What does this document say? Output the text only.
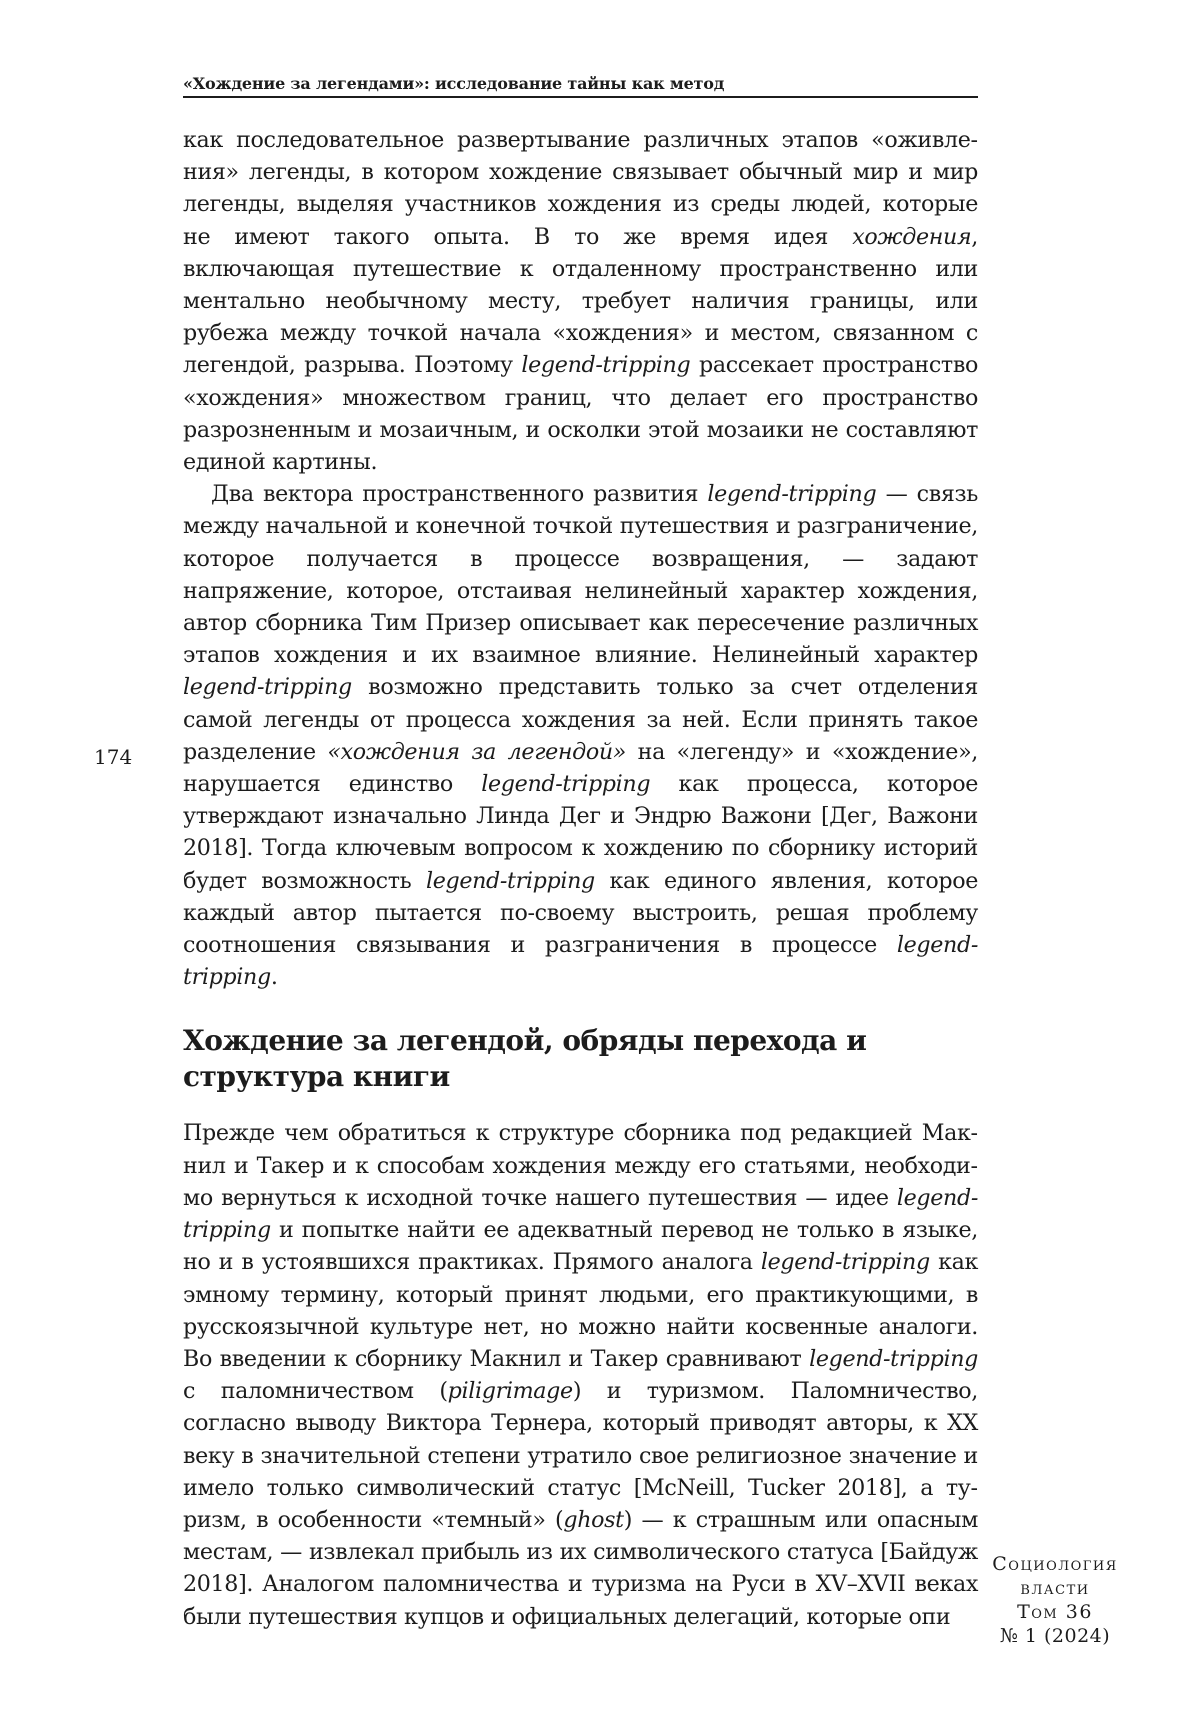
«Хождение за легендами»: исследование тайны как метод
174

как последовательное развертывание различных этапов «оживления» легенды, в котором хождение связывает обычный мир и мир легенды, выделяя участников хождения из среды людей, которые не имеют такого опыта. В то же время идея хождения, включающая путешествие к отдаленному пространственно или ментально необычному месту, требует наличия границы, или рубежа между точкой начала «хождения» и местом, связанном с легендой, разрыва. Поэтому legend-tripping рассекает пространство «хождения» множеством границ, что делает его пространство разрозненным и мозаичным, и осколки этой мозаики не составляют единой картины.

Два вектора пространственного развития legend-tripping — связь между начальной и конечной точкой путешествия и разграничение, которое получается в процессе возвращения, — задают напряжение, которое, отстаивая нелинейный характер хождения, автор сборника Тим Призер описывает как пересечение различных этапов хождения и их взаимное влияние. Нелинейный характер legend-tripping возможно представить только за счет отделения самой легенды от процесса хождения за ней. Если принять такое разделение «хождения за легендой» на «легенду» и «хождение», нарушается единство legend-tripping как процесса, которое утверждают изначально Линда Дег и Эндрю Важони [Дег, Важони 2018]. Тогда ключевым вопросом к хождению по сборнику историй будет возможность legend-tripping как единого явления, которое каждый автор пытается по-своему выстроить, решая проблему соотношения связывания и разграничения в процессе legend-tripping.

Хождение за легендой, обряды перехода и структура книги

Прежде чем обратиться к структуре сборника под редакцией Макнил и Такер и к способам хождения между его статьями, необходимо вернуться к исходной точке нашего путешествия — идее legend-tripping и попытке найти ее адекватный перевод не только в языке, но и в устоявшихся практиках. Прямого аналога legend-tripping как эмному термину, который принят людьми, его практикующими, в русскоязычной культуре нет, но можно найти косвенные аналоги. Во введении к сборнику Макнил и Такер сравнивают legend-tripping с паломничеством (piligrimage) и туризмом. Паломничество, согласно выводу Виктора Тернера, который приводят авторы, к XX веку в значительной степени утратило свое религиозное значение и имело только символический статус [McNeill, Tucker 2018], а туризм, в особенности «темный» (ghost) — к страшным или опасным местам, — извлекал прибыль из их символического статуса [Байдуж 2018]. Аналогом паломничества и туризма на Руси в XV–XVII веках были путешествия купцов и официальных делегаций, которые опи

Социология
власти
Том 36
№ 1 (2024)
